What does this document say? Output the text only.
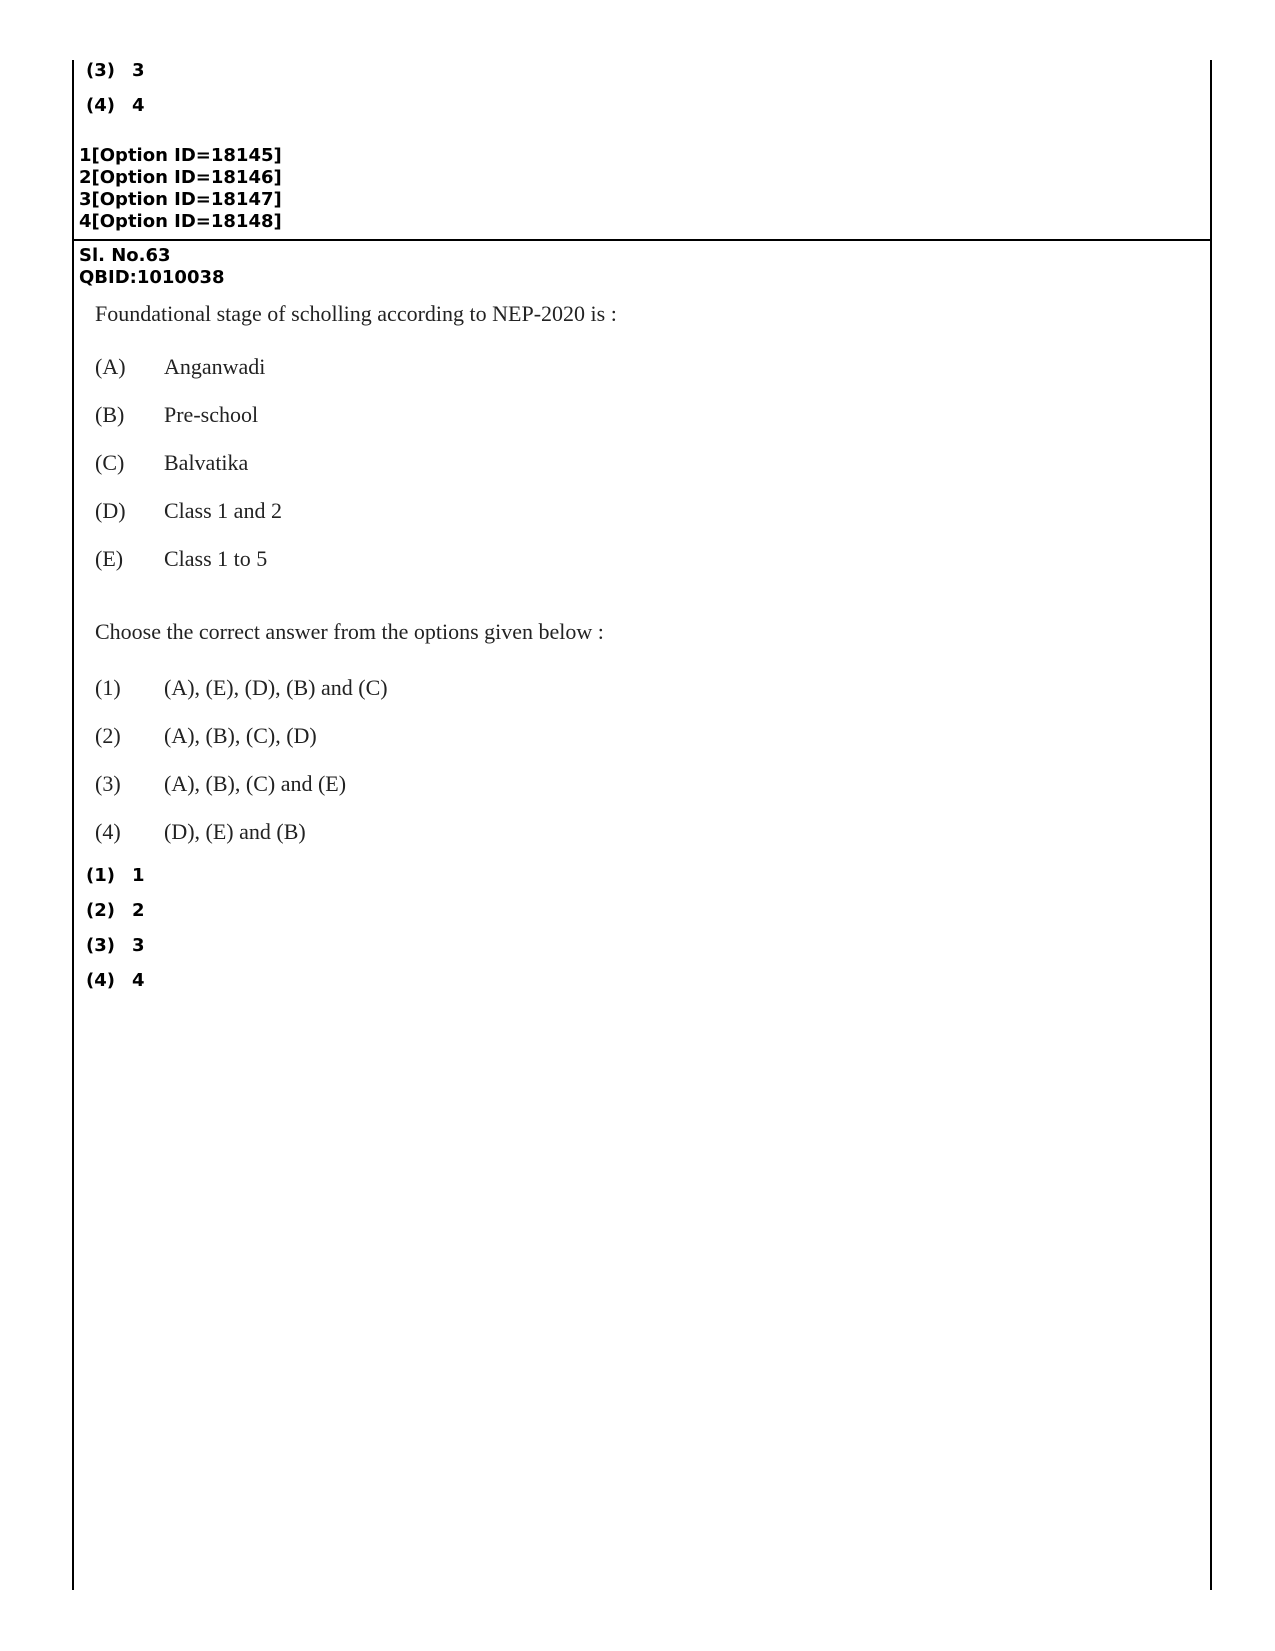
(3) 3
(4) 4
1[Option ID=18145]
2[Option ID=18146]
3[Option ID=18147]
4[Option ID=18148]
Sl. No.63
QBID:1010038
Foundational stage of scholling according to NEP-2020 is :
(A)	Anganwadi
(B)	Pre-school
(C)	Balvatika
(D)	Class 1 and 2
(E)	Class 1 to 5
Choose the correct answer from the options given below :
(1)	(A), (E), (D), (B) and (C)
(2)	(A), (B), (C), (D)
(3)	(A), (B), (C) and (E)
(4)	(D), (E) and (B)
(1) 1
(2) 2
(3) 3
(4) 4
